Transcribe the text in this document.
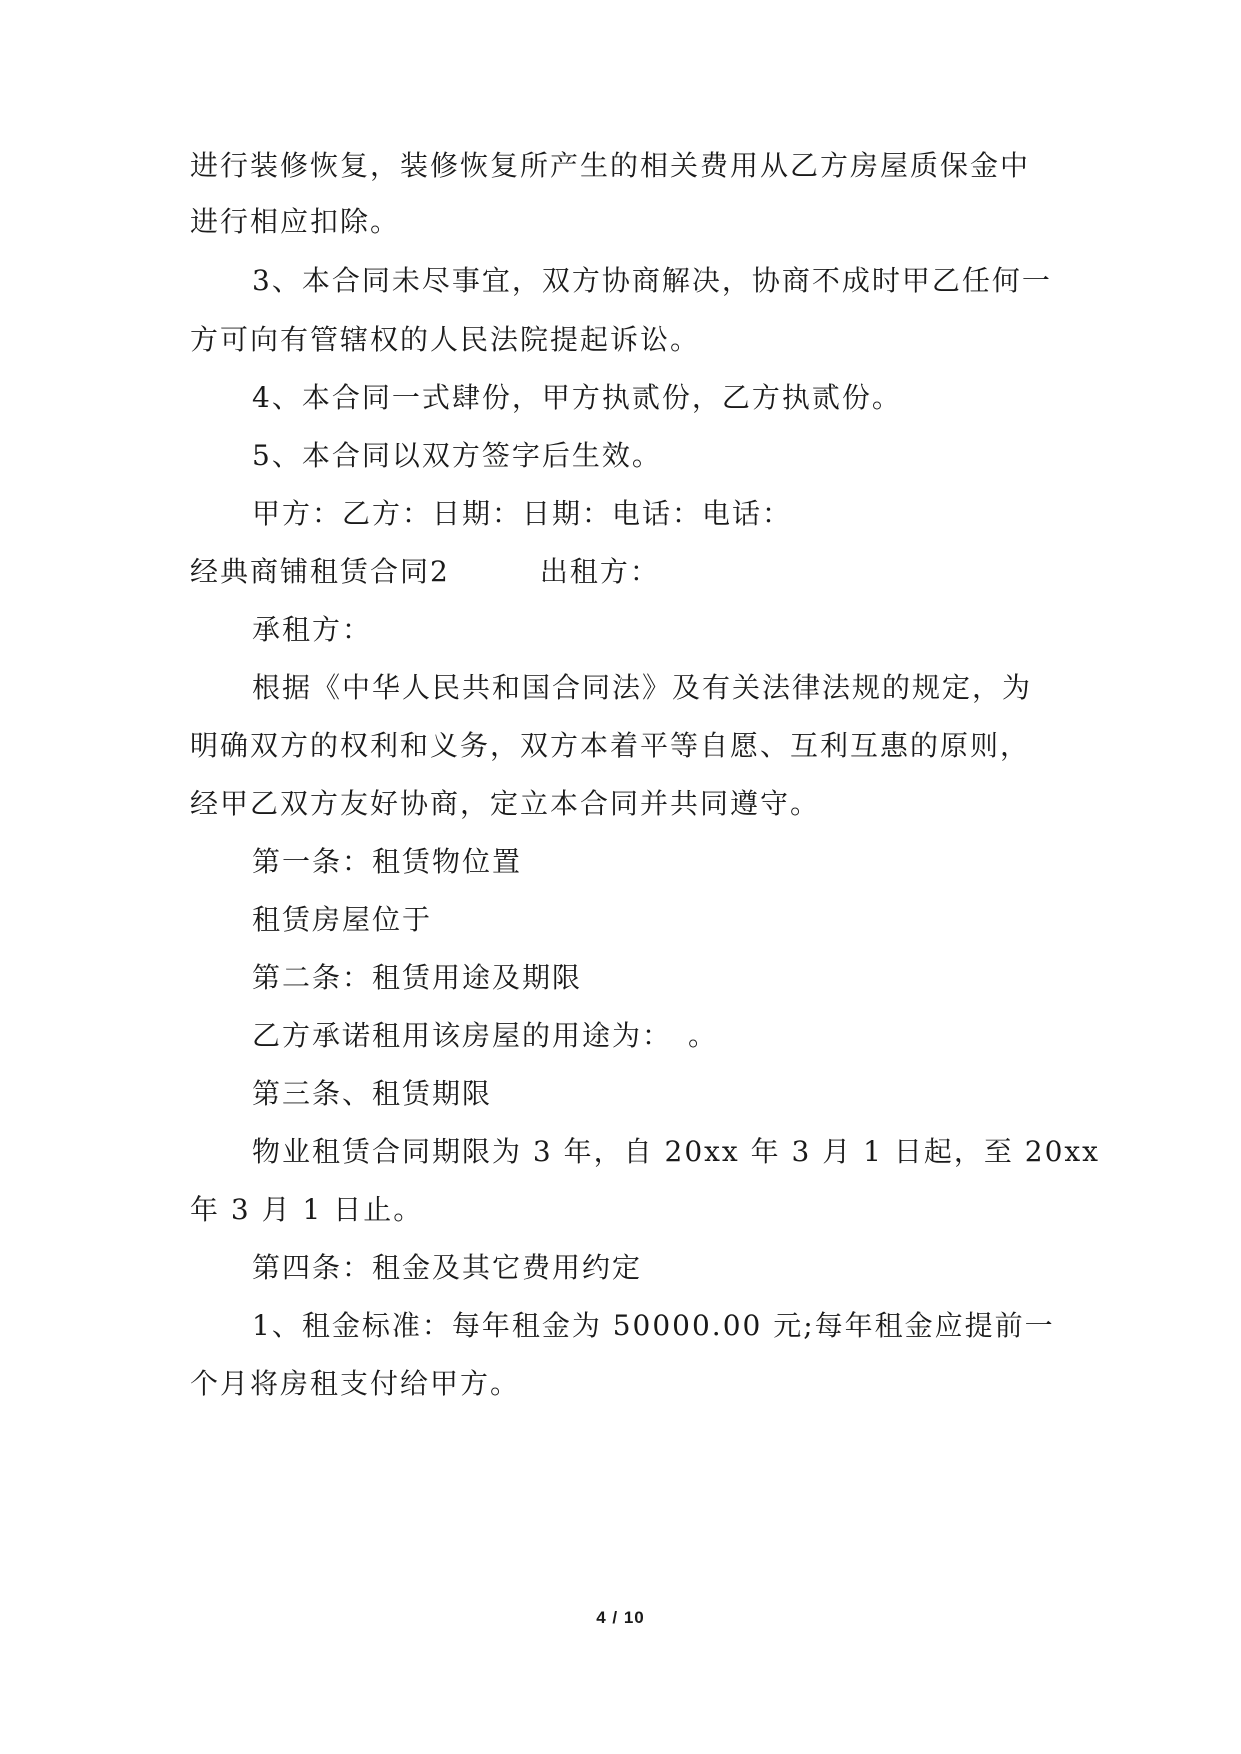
进行装修恢复，装修恢复所产生的相关费用从乙方房屋质保金中
进行相应扣除。
3、本合同未尽事宜，双方协商解决，协商不成时甲乙任何一
方可向有管辖权的人民法院提起诉讼。
4、本合同一式肆份，甲方执贰份，乙方执贰份。
5、本合同以双方签字后生效。
甲方：乙方：日期：日期：电话：电话：
经典商铺租赁合同2	出租方：
承租方：
根据《中华人民共和国合同法》及有关法律法规的规定，为
明确双方的权利和义务，双方本着平等自愿、互利互惠的原则，
经甲乙双方友好协商，定立本合同并共同遵守。
第一条：租赁物位置
租赁房屋位于
第二条：租赁用途及期限
乙方承诺租用该房屋的用途为：　。
第三条、租赁期限
物业租赁合同期限为 3 年，自 20xx 年 3 月 1 日起，至 20xx
年 3 月 1 日止。
第四条：租金及其它费用约定
1、租金标准：每年租金为 50000.00 元;每年租金应提前一
个月将房租支付给甲方。
4 / 10
